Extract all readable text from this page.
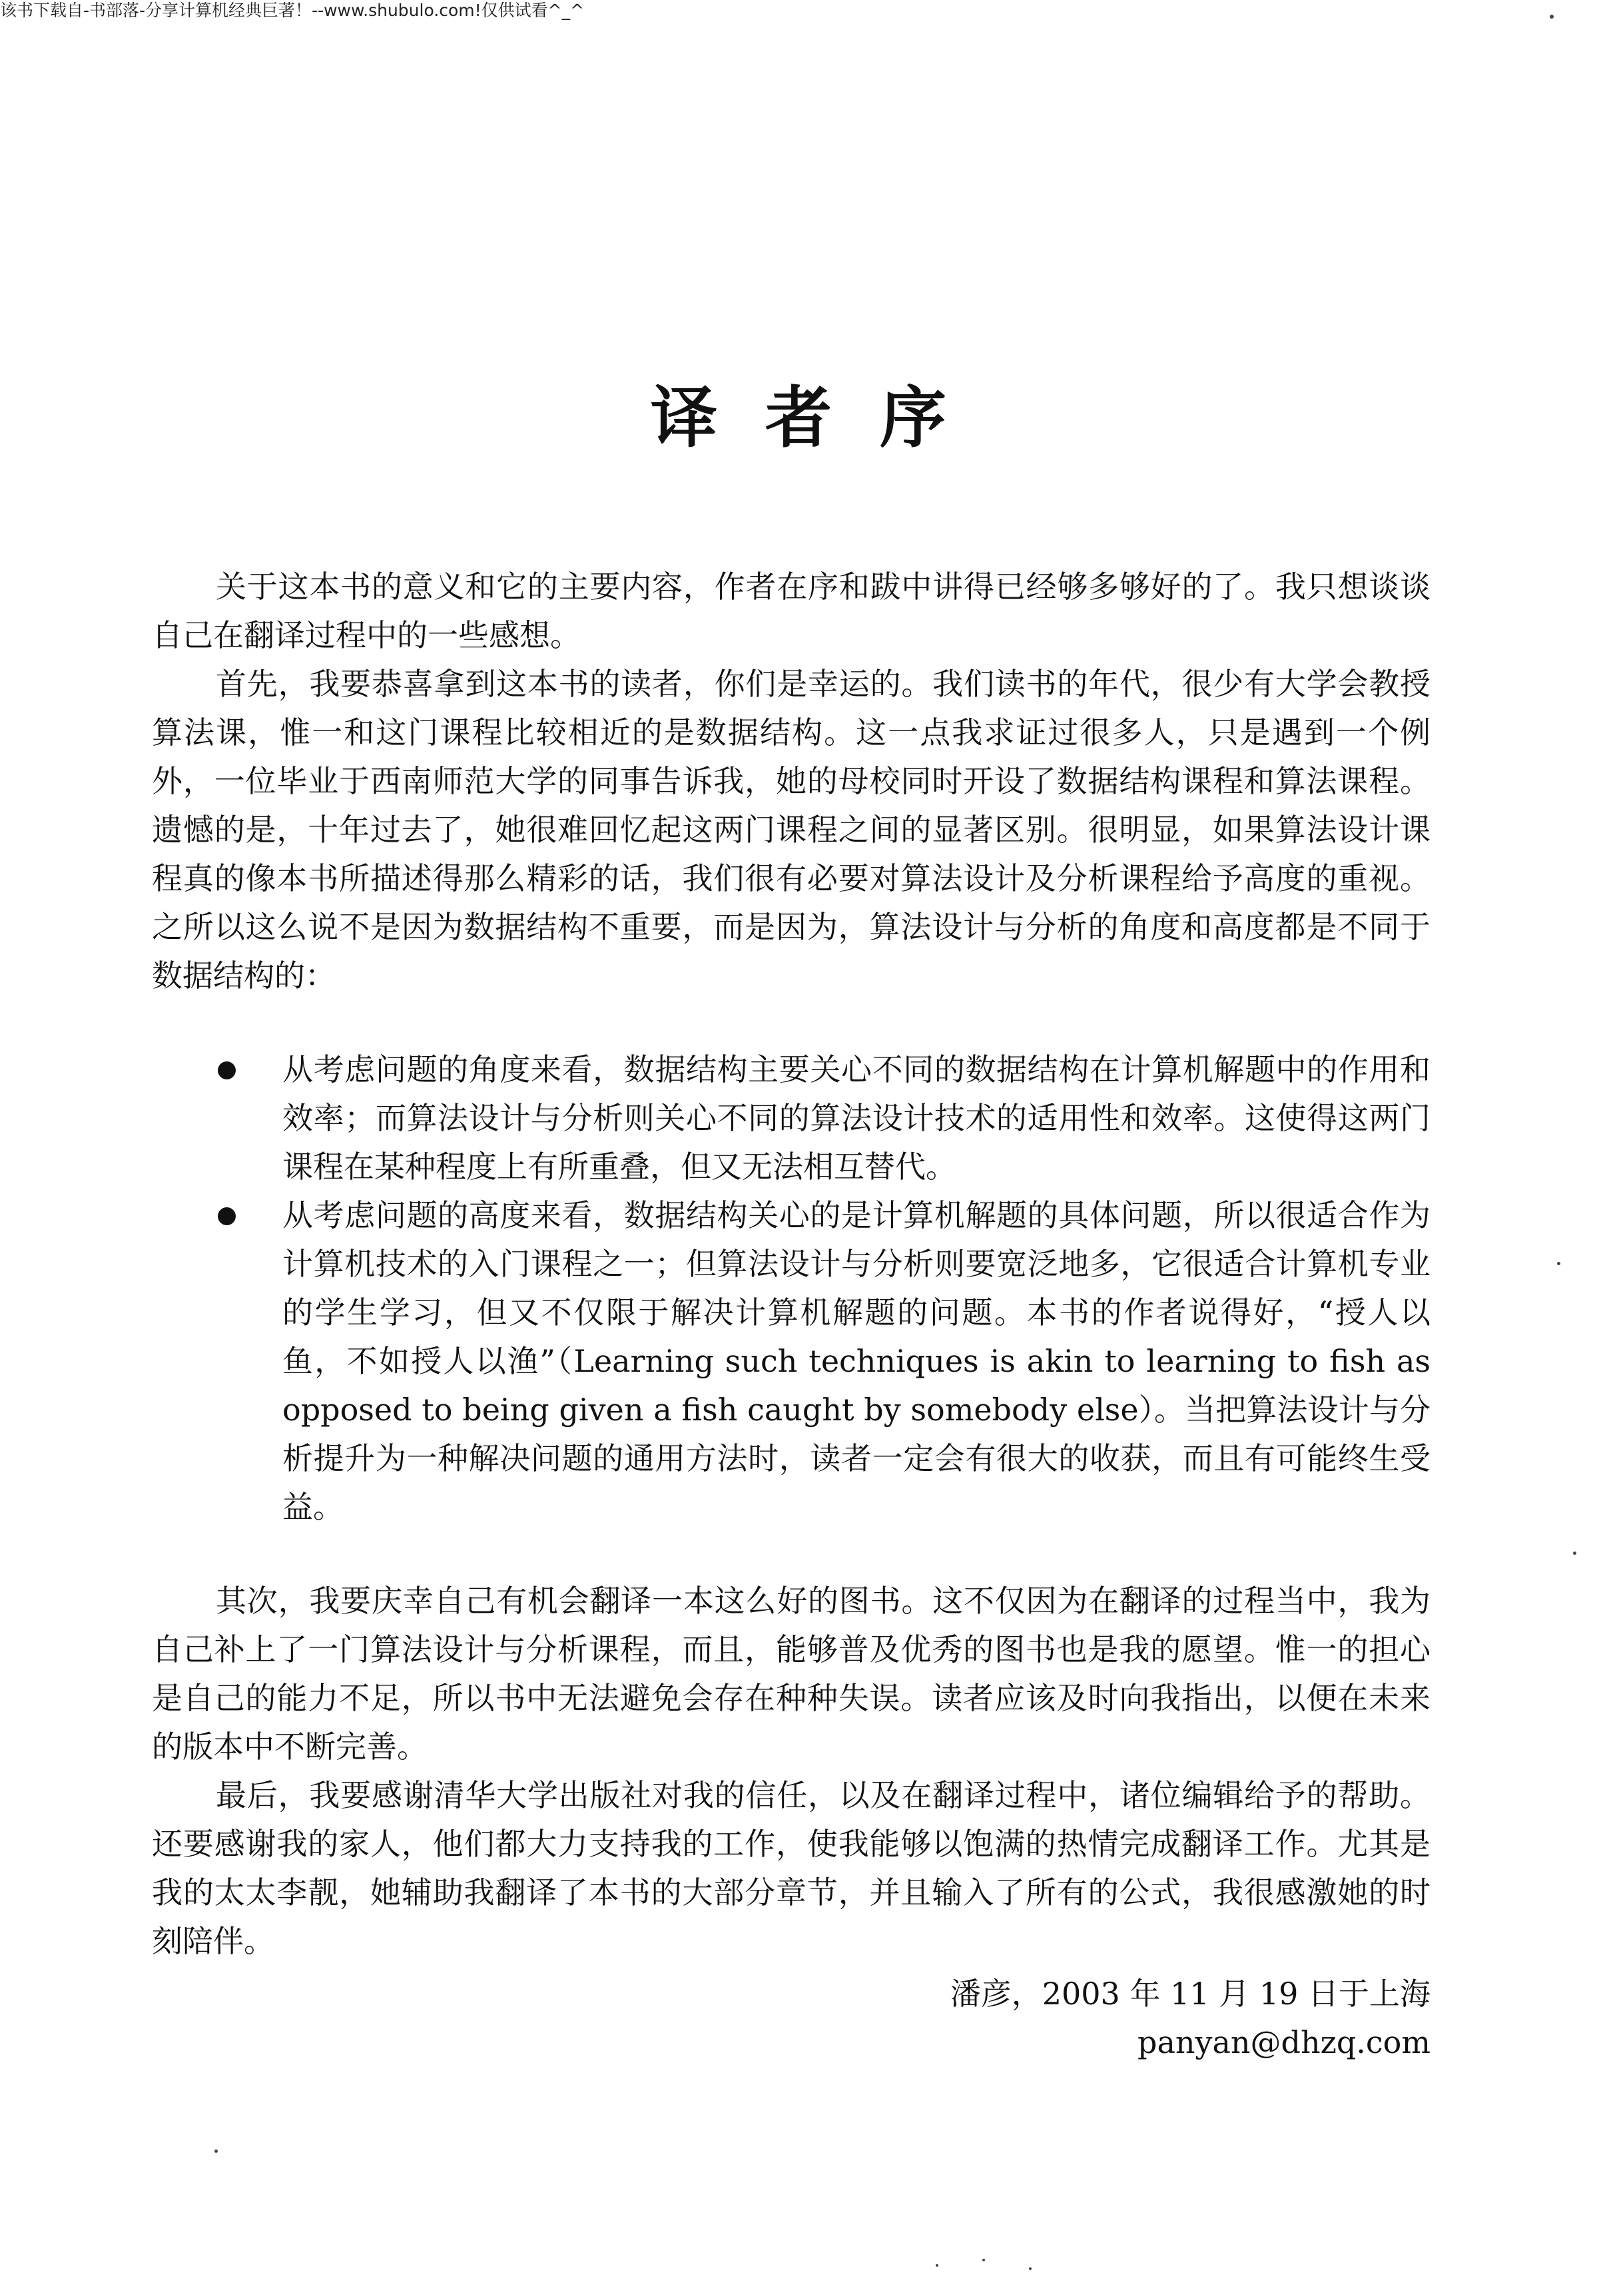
该书下载自-书部落-分享计算机经典巨著！--www.shubulo.com!仅供试看^_^
译者序

关于这本书的意义和它的主要内容，作者在序和跋中讲得已经够多够好的了。我只想谈谈自己在翻译过程中的一些感想。

首先，我要恭喜拿到这本书的读者，你们是幸运的。我们读书的年代，很少有大学会教授算法课，惟一和这门课程比较相近的是数据结构。这一点我求证过很多人，只是遇到一个例外，一位毕业于西南师范大学的同事告诉我，她的母校同时开设了数据结构课程和算法课程。遗憾的是，十年过去了，她很难回忆起这两门课程之间的显著区别。很明显，如果算法设计课程真的像本书所描述得那么精彩的话，我们很有必要对算法设计及分析课程给予高度的重视。之所以这么说不是因为数据结构不重要，而是因为，算法设计与分析的角度和高度都是不同于数据结构的：

从考虑问题的角度来看，数据结构主要关心不同的数据结构在计算机解题中的作用和效率；而算法设计与分析则关心不同的算法设计技术的适用性和效率。这使得这两门课程在某种程度上有所重叠，但又无法相互替代。
从考虑问题的高度来看，数据结构关心的是计算机解题的具体问题，所以很适合作为计算机技术的入门课程之一；但算法设计与分析则要宽泛地多，它很适合计算机专业的学生学习，但又不仅限于解决计算机解题的问题。本书的作者说得好，“授人以鱼，不如授人以渔”（Learning such techniques is akin to learning to fish as opposed to being given a fish caught by somebody else）。当把算法设计与分析提升为一种解决问题的通用方法时，读者一定会有很大的收获，而且有可能终生受益。

其次，我要庆幸自己有机会翻译一本这么好的图书。这不仅因为在翻译的过程当中，我为自己补上了一门算法设计与分析课程，而且，能够普及优秀的图书也是我的愿望。惟一的担心是自己的能力不足，所以书中无法避免会存在种种失误。读者应该及时向我指出，以便在未来的版本中不断完善。

最后，我要感谢清华大学出版社对我的信任，以及在翻译过程中，诸位编辑给予的帮助。还要感谢我的家人，他们都大力支持我的工作，使我能够以饱满的热情完成翻译工作。尤其是我的太太李靓，她辅助我翻译了本书的大部分章节，并且输入了所有的公式，我很感激她的时刻陪伴。

潘彦，2003 年 11 月 19 日于上海
panyan@dhzq.com
